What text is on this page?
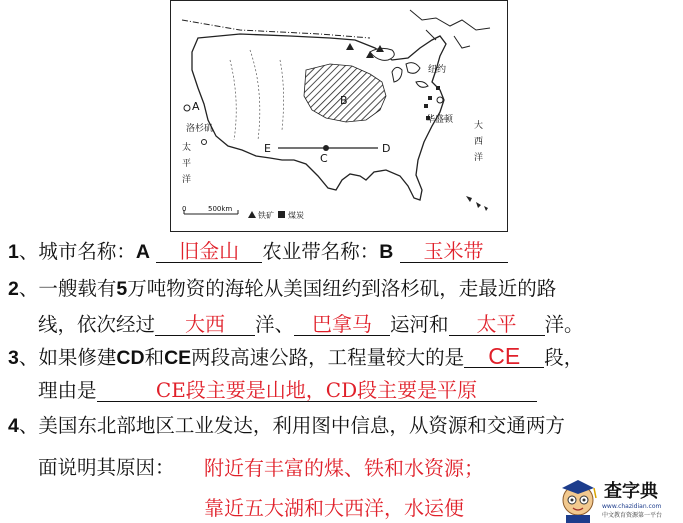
0	500km
铁矿 煤炭
A	B
C
D
E
洛杉矶
纽约
华盛顿
太
平
洋
大
西
洋
1、城市名称：A 旧金山 农业带名称：B 玉米带
2、一艘载有5万吨物资的海轮从美国纽约到洛杉矶，走最近的路
线，依次经过 大西 洋、 巴拿马 运河和 太平 洋。
3、如果修建CD和CE两段高速公路，工程量较大的是 CE 段，
理由是	CE段主要是山地，CD段主要是平原
4、美国东北部地区工业发达，利用图中信息，从资源和交通两方
面说明其原因：	附近有丰富的煤、铁和水资源；
靠近五大湖和大西洋，水运便
查字典
www.chazidian.com
中文教育资源第一平台
